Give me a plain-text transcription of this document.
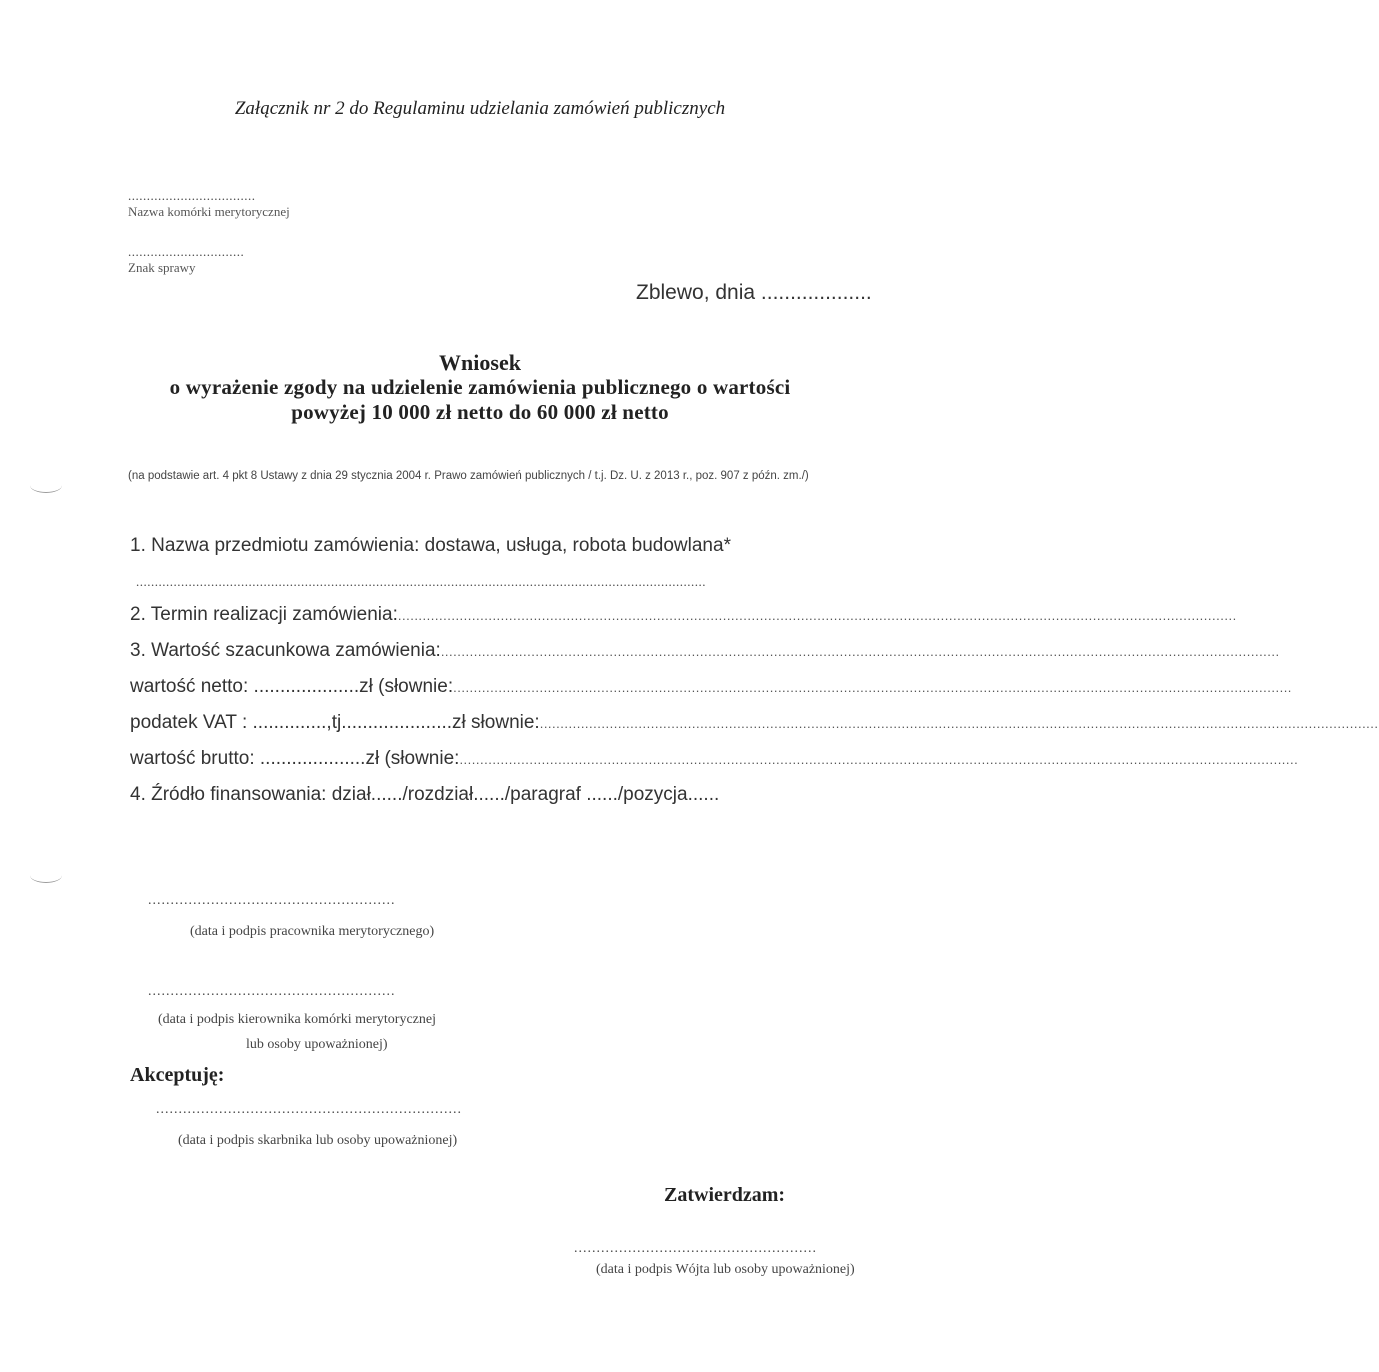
Załącznik nr 2 do Regulaminu udzielania zamówień publicznych
..................................
Nazwa komórki merytorycznej
...............................
Znak sprawy
Zblewo, dnia ...................
Wniosek
o wyrażenie zgody na udzielenie zamówienia publicznego o wartości
powyżej 10 000 zł netto do 60 000 zł netto
(na podstawie art. 4 pkt 8 Ustawy z dnia 29 stycznia 2004 r. Prawo zamówień publicznych / t.j. Dz. U. z 2013 r., poz. 907 z późn. zm./)
1. Nazwa przedmiotu zamówienia: dostawa, usługa, robota budowlana*
........................................................................................................................................................
2. Termin realizacji zamówienia: ............................................................................................................................................................................................................
3. Wartość szacunkowa zamówienia: ............................................................................................................................................................................................................
wartość netto: ....................zł (słownie: ............................................................................................................................................................................................................
podatek VAT : ..............,tj.....................zł słownie: ............................................................................................................................................................................................................
wartość brutto: ....................zł (słownie: ............................................................................................................................................................................................................
4. Źródło finansowania: dział....../rozdział....../paragraf ....../pozycja......
.......................................................
(data i podpis pracownika merytorycznego)
.......................................................
(data i podpis kierownika komórki merytorycznej
lub osoby upoważnionej)
Akceptuję:
....................................................................
(data i podpis skarbnika lub osoby upoważnionej)
Zatwierdzam:
......................................................
(data i podpis Wójta lub osoby upoważnionej)
